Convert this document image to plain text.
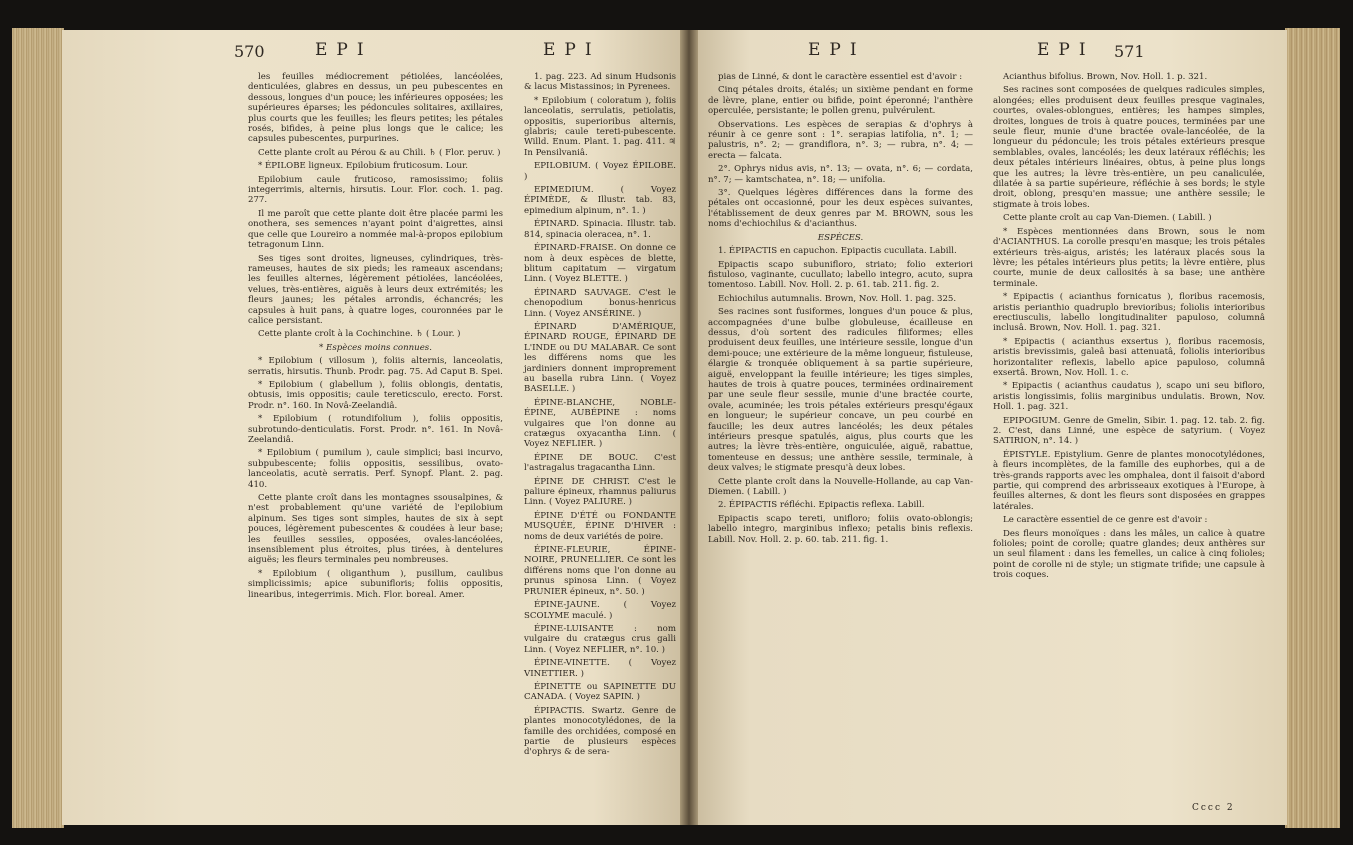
570	EPI	EPI	EPI	EPI 571

les feuilles médiocrement pétiolées, lancéolées, denticulées, glabres en dessus, un peu pubescentes en dessous, longues d'un pouce; les inférieures opposées; les supérieures éparses; les pédoncules solitaires, axillaires, plus courts que les feuilles; les fleurs petites; les pétales rosés, bifides, à peine plus longs que le calice; les capsules pubescentes, purpurines.

Cette plante croît au Pérou & au Chili. ♄ ( Flor. peruv. )

* ÉPILOBE ligneux. Epilobium fruticosum. Lour.

Epilobium caule fruticoso, ramosissimo; foliis integerrimis, alternis, hirsutis. Lour. Flor. coch. 1. pag. 277.

Il me paroît que cette plante doit être placée parmi les onothera, ses semences n'ayant point d'aigrettes, ainsi que celle que Loureiro a nommée mal-à-propos epilobium tetragonum Linn.

Ses tiges sont droites, ligneuses, cylindriques, très-rameuses, hautes de six pieds; les rameaux ascendans; les feuilles alternes, légèrement pétiolées, lancéolées, velues, très-entières, aiguës à leurs deux extrémités; les fleurs jaunes; les pétales arrondis, échancrés; les capsules à huit pans, à quatre loges, couronnées par le calice persistant.

Cette plante croît à la Cochinchine. ♄ ( Lour. )

* Espèces moins connues.

* Epilobium ( villosum ), foliis alternis, lanceolatis, serratis, hirsutis. Thunb. Prodr. pag. 75. Ad Caput B. Spei.

* Epilobium ( glabellum ), foliis oblongis, dentatis, obtusis, imis oppositis; caule tereticsculo, erecto. Forst. Prodr. n°. 160. In Novâ-Zeelandiâ.

* Epilobium ( rotundifolium ), foliis oppositis, subrotundo-denticulatis. Forst. Prodr. n°. 161. In Novâ-Zeelandiâ.

* Epilobium ( pumilum ), caule simplici; basi incurvo, subpubescente; foliis oppositis, sessilibus, ovato-lanceolatis, acutè serratis. Perf. Synopf. Plant. 2. pag. 410.

Cette plante croît dans les montagnes ssousalpines, & n'est probablement qu'une variété de l'epilobium alpinum. Ses tiges sont simples, hautes de six à sept pouces, légèrement pubescentes & coudées à leur base; les feuilles sessiles, opposées, ovales-lancéolées, insensiblement plus étroites, plus tirées, à dentelures aiguës; les fleurs terminales peu nombreuses.

* Epilobium ( oliganthum ), pusillum, caulibus simplicissimis; apice subunifloris; foliis oppositis, linearibus, integerrimis. Mich. Flor. boreal. Amer.

1. pag. 223. Ad sinum Hudsonis & lacus Mistassinos; in Pyrenees.

* Epilobium ( coloratum ), foliis lanceolatis, serrulatis, petiolatis, oppositis, superioribus alternis, glabris; caule tereti-pubescente. Willd. Enum. Plant. 1. pag. 411. ♃ In Pensilvaniâ.

EPILOBIUM. ( Voyez ÉPILOBE. )

EPIMEDIUM. ( Voyez ÉPIMÈDE, & Illustr. tab. 83, epimedium alpinum, n°. 1. )

ÉPINARD. Spinacia. Illustr. tab. 814, spinacia oleracea, n°. 1.

ÉPINARD-FRAISE. On donne ce nom à deux espèces de blette, blitum capitatum — virgatum Linn. ( Voyez BLETTE. )

ÉPINARD SAUVAGE. C'est le chenopodium bonus-henricus Linn. ( Voyez ANSÉRINE. )

ÉPINARD D'AMÉRIQUE, ÉPINARD ROUGE, ÉPINARD DE L'INDE ou DU MALABAR. Ce sont les différens noms que les jardiniers donnent improprement au basella rubra Linn. ( Voyez BASELLE. )

ÉPINE-BLANCHE, NOBLE-ÉPINE, AUBÉPINE : noms vulgaires que l'on donne au cratægus oxyacantha Linn. ( Voyez NEFLIER. )

ÉPINE DE BOUC. C'est l'astragalus tragacantha Linn.

ÉPINE DE CHRIST. C'est le paliure épineux, rhamnus paliurus Linn. ( Voyez PALIURE. )

ÉPINE D'ÉTÉ ou FONDANTE MUSQUÉE, ÉPINE D'HIVER : noms de deux variétés de poire.

ÉPINE-FLEURIE, ÉPINE-NOIRE, PRUNELLIER. Ce sont les différens noms que l'on donne au prunus spinosa Linn. ( Voyez PRUNIER épineux, n°. 50. )

ÉPINE-JAUNE. ( Voyez SCOLYME maculé. )

ÉPINE-LUISANTE : nom vulgaire du cratægus crus galli Linn. ( Voyez NEFLIER, n°. 10. )

ÉPINE-VINETTE. ( Voyez VINETTIER. )

ÉPINETTE ou SAPINETTE DU CANADA. ( Voyez SAPIN. )

ÉPIPACTIS. Swartz. Genre de plantes monocotylédones, de la famille des orchidées, composé en partie de plusieurs espèces d'ophrys & de sera-

pias de Linné, & dont le caractère essentiel est d'avoir :

Cinq pétales droits, étalés; un sixième pendant en forme de lèvre, plane, entier ou bifide, point éperonné; l'anthère operculée, persistante; le pollen grenu, pulvérulent.

Observations. Les espèces de serapias & d'ophrys à réunir à ce genre sont : 1°. serapias latifolia, n°. 1; — palustris, n°. 2; — grandiflora, n°. 3; — rubra, n°. 4; — erecta — falcata.

2°. Ophrys nidus avis, n°. 13; — ovata, n°. 6; — cordata, n°. 7; — kamtschatea, n°. 18; — unifolia.

3°. Quelques légères différences dans la forme des pétales ont occasionné, pour les deux espèces suivantes, l'établissement de deux genres par M. BROWN, sous les noms d'echiochilus & d'acianthus.

ESPÈCES.

1. ÉPIPACTIS en capuchon. Epipactis cucullata. Labill.

Epipactis scapo subunifloro, striato; folio exteriori fistuloso, vaginante, cucullato; labello integro, acuto, supra tomentoso. Labill. Nov. Holl. 2. p. 61. tab. 211. fig. 2.

Echiochilus autumnalis. Brown, Nov. Holl. 1. pag. 325.

Ses racines sont fusiformes, longues d'un pouce & plus, accompagnées d'une bulbe globuleuse, écailleuse en dessus, d'où sortent des radicules filiformes; elles produisent deux feuilles, une intérieure sessile, longue d'un demi-pouce; une extérieure de la même longueur, fistuleuse, élargie & tronquée obliquement à sa partie supérieure, aiguë, enveloppant la feuille intérieure; les tiges simples, hautes de trois à quatre pouces, terminées ordinairement par une seule fleur sessile, munie d'une bractée courte, ovale, acuminée; les trois pétales extérieurs presqu'égaux en longueur; le supérieur concave, un peu courbé en faucille; les deux autres lancéolés; les deux pétales intérieurs presque spatulés, aigus, plus courts que les autres; la lèvre très-entière, onguiculée, aiguë, rabattue, tomenteuse en dessus; une anthère sessile, terminale, à deux valves; le stigmate presqu'à deux lobes.

Cette plante croît dans la Nouvelle-Hollande, au cap Van-Diemen. ( Labill. )

2. ÉPIPACTIS réfléchi. Epipactis reflexa. Labill.

Epipactis scapo tereti, unifloro; foliis ovato-oblongis; labello integro, marginibus inflexo; petalis binis reflexis. Labill. Nov. Holl. 2. p. 60. tab. 211. fig. 1.

Acianthus bifolius. Brown, Nov. Holl. 1. p. 321.

Ses racines sont composées de quelques radicules simples, alongées; elles produisent deux feuilles presque vaginales, courtes, ovales-oblongues, entières; les hampes simples, droites, longues de trois à quatre pouces, terminées par une seule fleur, munie d'une bractée ovale-lancéolée, de la longueur du pédoncule; les trois pétales extérieurs presque semblables, ovales, lancéolés; les deux latéraux réfléchis; les deux pétales intérieurs linéaires, obtus, à peine plus longs que les autres; la lèvre très-entière, un peu canaliculée, dilatée à sa partie supérieure, réfléchie à ses bords; le style droit, oblong, presqu'en massue; une anthère sessile; le stigmate à trois lobes.

Cette plante croît au cap Van-Diemen. ( Labill. )

* Espèces mentionnées dans Brown, sous le nom d'ACIANTHUS. La corolle presqu'en masque; les trois pétales extérieurs très-aigus, aristés; les latéraux placés sous la lèvre; les pétales intérieurs plus petits; la lèvre entière, plus courte, munie de deux callosités à sa base; une anthère terminale.

* Epipactis ( acianthus fornicatus ), floribus racemosis, aristis perianthio quadruplo brevioribus; foliolis interioribus erectiusculis, labello longitudinaliter papuloso, columnâ inclusâ. Brown, Nov. Holl. 1. pag. 321.

* Epipactis ( acianthus exsertus ), floribus racemosis, aristis brevissimis, galeâ basi attenuatâ, foliolis interioribus horizontaliter reflexis, labello apice papuloso, columnâ exsertâ. Brown, Nov. Holl. 1. c.

* Epipactis ( acianthus caudatus ), scapo uni seu bifloro, aristis longissimis, foliis marginibus undulatis. Brown, Nov. Holl. 1. pag. 321.

EPIPOGIUM. Genre de Gmelin, Sibir. 1. pag. 12. tab. 2. fig. 2. C'est, dans Linné, une espèce de satyrium. ( Voyez SATIRION, n°. 14. )

ÉPISTYLE. Epistylium. Genre de plantes monocotylédones, à fleurs incomplètes, de la famille des euphorbes, qui a de très-grands rapports avec les omphalea, dont il faisoit d'abord partie, qui comprend des arbrisseaux exotiques à l'Europe, à feuilles alternes, & dont les fleurs sont disposées en grappes latérales.

Le caractère essentiel de ce genre est d'avoir :

Des fleurs monoïques : dans les mâles, un calice à quatre folioles; point de corolle; quatre glandes; deux anthères sur un seul filament : dans les femelles, un calice à cinq folioles; point de corolle ni de style; un stigmate trifide; une capsule à trois coques.

Cccc 2
